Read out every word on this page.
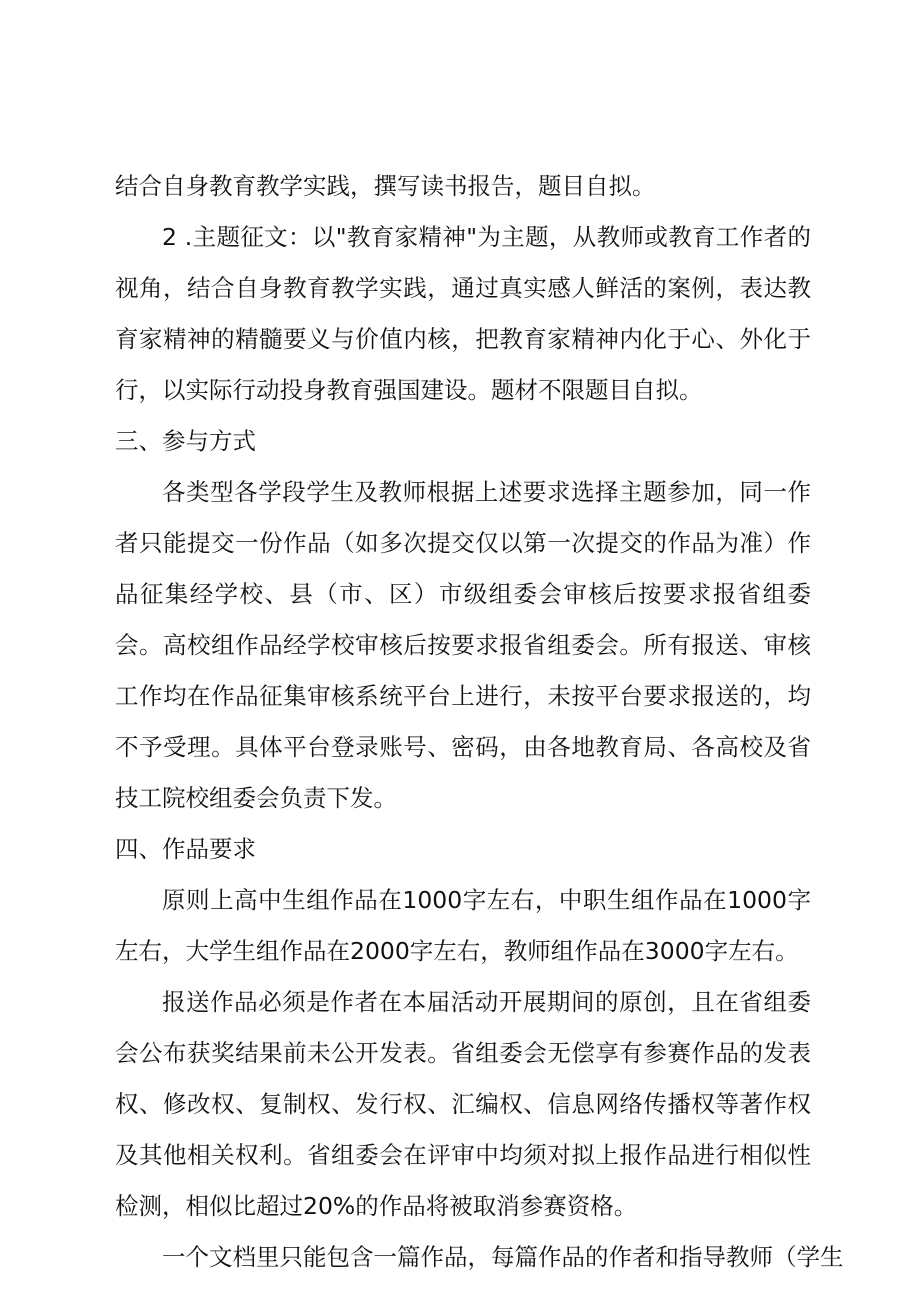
结合自身教育教学实践，撰写读书报告，题目自拟。

2 .主题征文：以"教育家精神"为主题，从教师或教育工作者的视角，结合自身教育教学实践，通过真实感人鲜活的案例，表达教育家精神的精髓要义与价值内核，把教育家精神内化于心、外化于行，以实际行动投身教育强国建设。题材不限题目自拟。

三、参与方式

各类型各学段学生及教师根据上述要求选择主题参加，同一作者只能提交一份作品（如多次提交仅以第一次提交的作品为准）作品征集经学校、县（市、区）市级组委会审核后按要求报省组委会。高校组作品经学校审核后按要求报省组委会。所有报送、审核工作均在作品征集审核系统平台上进行，未按平台要求报送的，均不予受理。具体平台登录账号、密码，由各地教育局、各高校及省技工院校组委会负责下发。

四、作品要求

原则上高中生组作品在1000字左右，中职生组作品在1000字左右，大学生组作品在2000字左右，教师组作品在3000字左右。

报送作品必须是作者在本届活动开展期间的原创，且在省组委会公布获奖结果前未公开发表。省组委会无偿享有参赛作品的发表权、修改权、复制权、发行权、汇编权、信息网络传播权等著作权及其他相关权利。省组委会在评审中均须对拟上报作品进行相似性检测，相似比超过20%的作品将被取消参赛资格。

一个文档里只能包含一篇作品，每篇作品的作者和指导教师（学生
